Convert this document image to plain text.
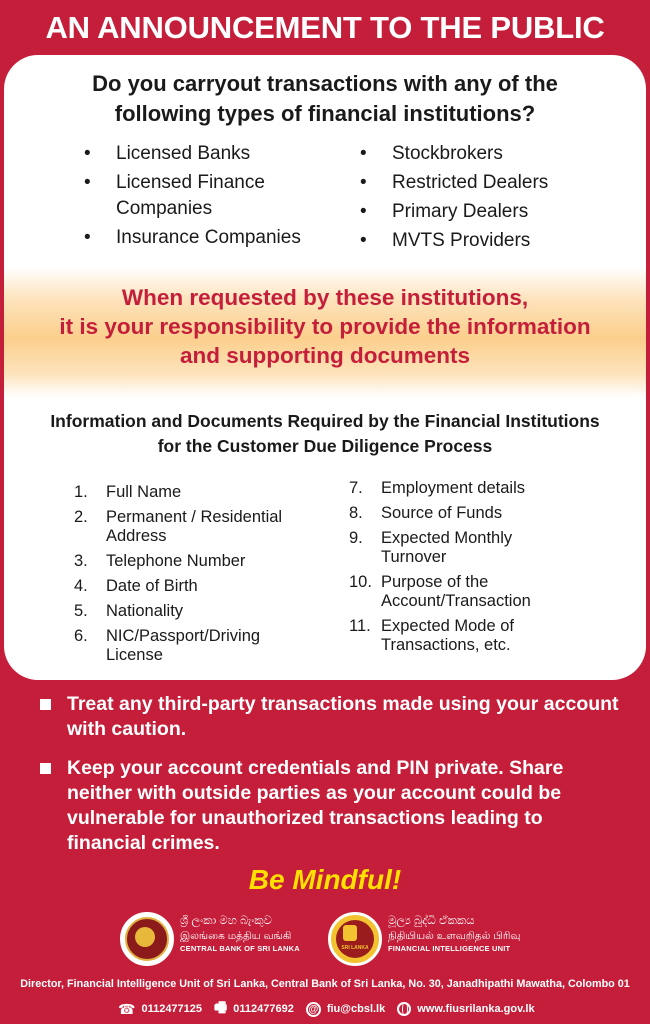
AN ANNOUNCEMENT TO THE PUBLIC
Do you carryout transactions with any of the
following types of financial institutions?
• Licensed Banks
• Licensed Finance Companies
• Insurance Companies
• Stockbrokers
• Restricted Dealers
• Primary Dealers
• MVTS Providers
When requested by these institutions,
it is your responsibility to provide the information
and supporting documents
Information and Documents Required by the Financial Institutions
for the Customer Due Diligence Process
1. Full Name
2. Permanent / Residential Address
3. Telephone Number
4. Date of Birth
5. Nationality
6. NIC/Passport/Driving License
7. Employment details
8. Source of Funds
9. Expected Monthly Turnover
10. Purpose of the Account/Transaction
11. Expected Mode of Transactions, etc.
Treat any third-party transactions made using your account with caution.
Keep your account credentials and PIN private. Share neither with outside parties as your account could be vulnerable for unauthorized transactions leading to financial crimes.
Be Mindful!
ශ්‍රී ලංකා මහ බැංකුව
இலங்கை மத்திய வங்கி
CENTRAL BANK OF SRI LANKA	SRI LANKA
මූල්‍ය බුද්ධි ඒකකය
நிதியியல் உளவறிதல் பிரிவு
FINANCIAL INTELLIGENCE UNIT
Director, Financial Intelligence Unit of Sri Lanka, Central Bank of Sri Lanka, No. 30, Janadhipathi Mawatha, Colombo 01
☎ 0112477125 🖷 0112477692 @ fiu@cbsl.lk	www.fiusrilanka.gov.lk
